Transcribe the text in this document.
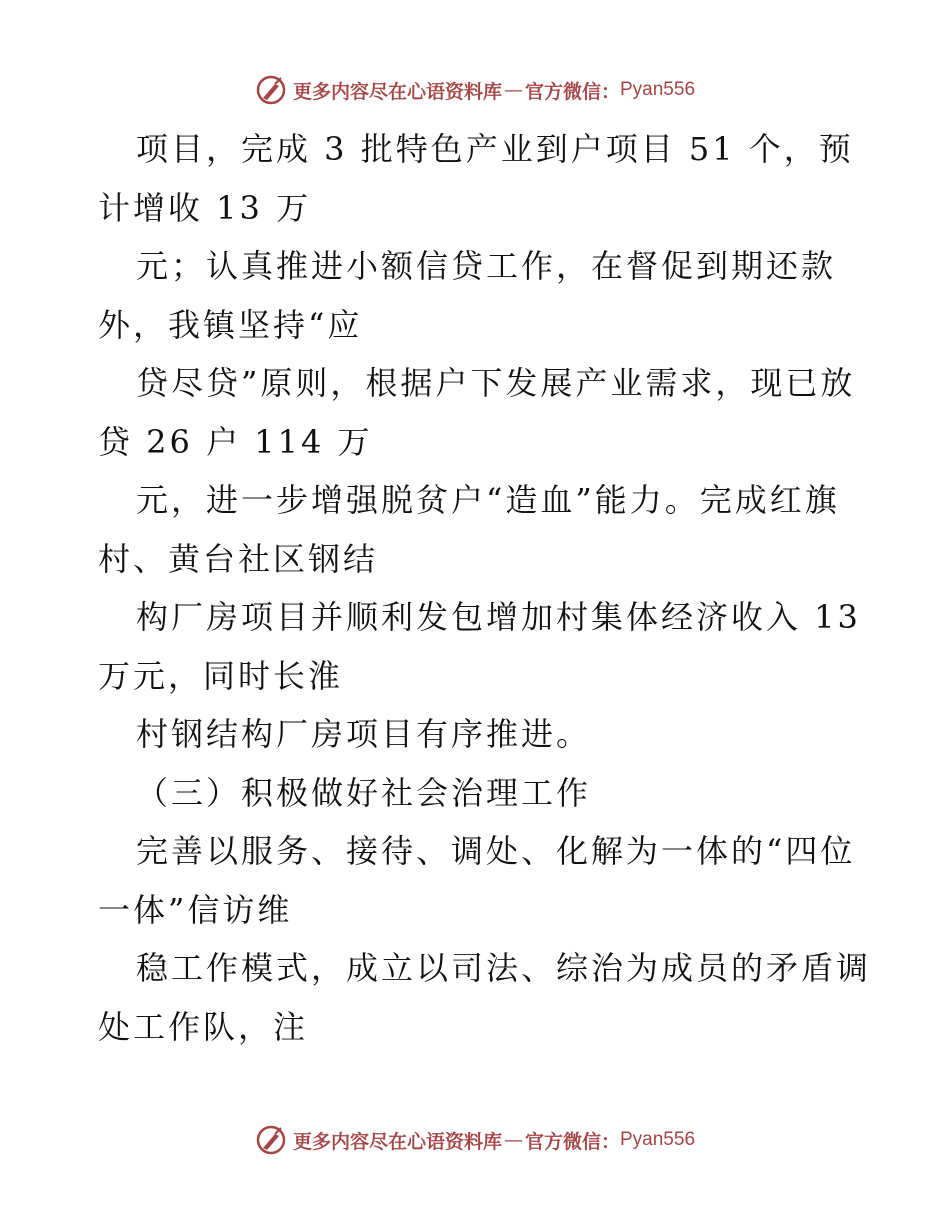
更多内容尽在心语资料库 — 官方微信： Pyan556
项目，完成 3 批特色产业到户项目 51 个，预
计增收 13 万
元；认真推进小额信贷工作，在督促到期还款
外，我镇坚持“应
贷尽贷”原则，根据户下发展产业需求，现已放
贷 26 户 114 万
元，进一步增强脱贫户“造血”能力。完成红旗
村、黄台社区钢结
构厂房项目并顺利发包增加村集体经济收入 13
万元，同时长淮
村钢结构厂房项目有序推进。
（三）积极做好社会治理工作
完善以服务、接待、调处、化解为一体的“四位
一体”信访维
稳工作模式，成立以司法、综治为成员的矛盾调
处工作队，注
更多内容尽在心语资料库 — 官方微信： Pyan556
